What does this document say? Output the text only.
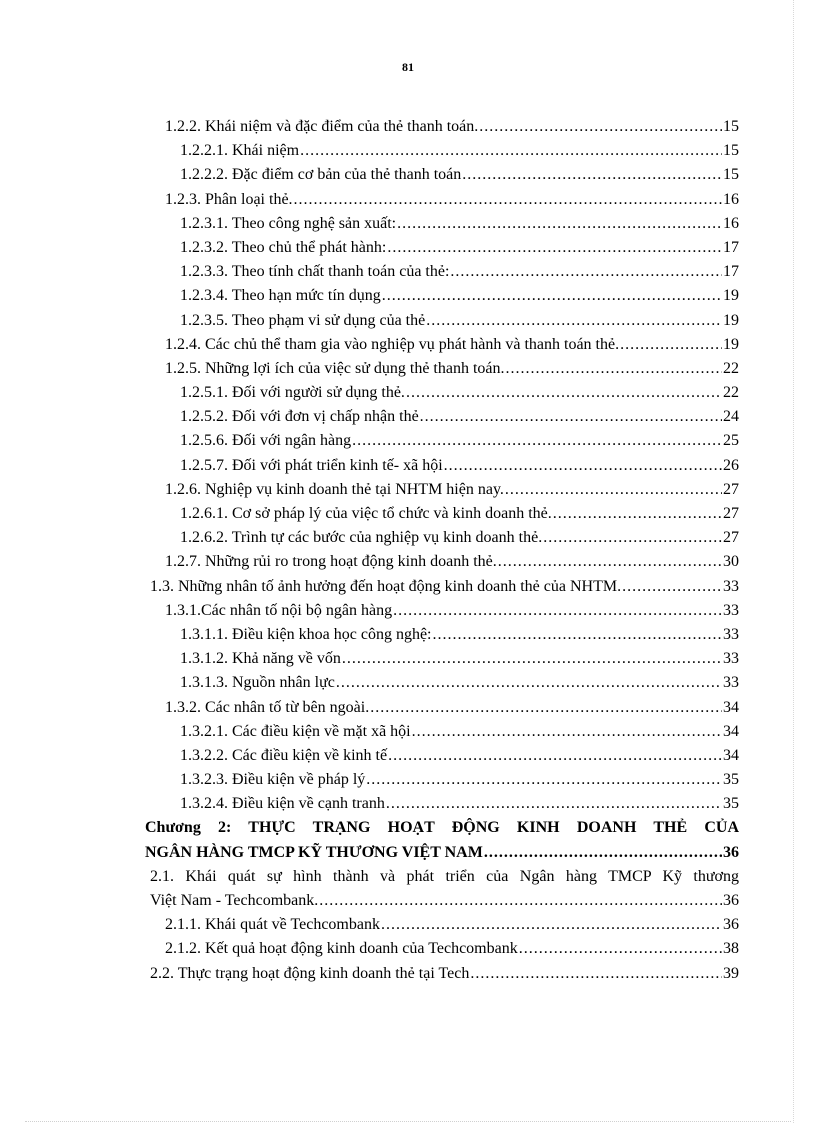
81
1.2.2. Khái niệm và đặc điểm của thẻ thanh toán. .....	15
1.2.2.1. Khái niệm .....	15
1.2.2.2. Đặc điểm cơ bản của thẻ thanh toán .....	15
1.2.3. Phân loại thẻ. .....	16
1.2.3.1. Theo công nghệ sản xuất: .....	16
1.2.3.2. Theo chủ thể phát hành: .....	17
1.2.3.3. Theo tính chất thanh toán của thẻ: .....	17
1.2.3.4. Theo hạn mức tín dụng .....	19
1.2.3.5. Theo phạm vi sử dụng của thẻ .....	19
1.2.4. Các chủ thể tham gia vào nghiệp vụ phát hành và thanh toán thẻ. .....	19
1.2.5. Những lợi ích của việc sử dụng thẻ thanh toán. .....	22
1.2.5.1. Đối với người sử dụng thẻ. .....	22
1.2.5.2. Đối với đơn vị chấp nhận thẻ .....	24
1.2.5.6. Đối với ngân hàng .....	25
1.2.5.7. Đối với phát triển kinh tế- xã hội .....	26
1.2.6. Nghiệp vụ kinh doanh thẻ tại NHTM hiện nay. .....	27
1.2.6.1. Cơ sở pháp lý của việc tổ chức và kinh doanh thẻ. .....	27
1.2.6.2. Trình tự các bước của nghiệp vụ kinh doanh thẻ. .....	27
1.2.7. Những rủi ro trong hoạt động kinh doanh thẻ. .....	30
1.3. Những nhân tố ảnh hưởng đến hoạt động kinh doanh thẻ của NHTM. .....	33
1.3.1.Các nhân tố nội bộ ngân hàng .....	33
1.3.1.1. Điều kiện khoa học công nghệ: .....	33
1.3.1.2. Khả năng về vốn .....	33
1.3.1.3. Nguồn nhân lực .....	33
1.3.2. Các nhân tố từ bên ngoài. .....	34
1.3.2.1. Các điều kiện về mặt xã hội .....	34
1.3.2.2. Các điều kiện về kinh tế .....	34
1.3.2.3. Điều kiện về pháp lý .....	35
1.3.2.4. Điều kiện về cạnh tranh .....	35
Chương 2: THỰC TRẠNG HOẠT ĐỘNG KINH DOANH THẺ CỦA
NGÂN HÀNG TMCP KỸ THƯƠNG VIỆT NAM .....	36
2.1. Khái quát sự hình thành và phát triển của Ngân hàng TMCP Kỹ thương
Việt Nam - Techcombank. .....	36
2.1.1. Khái quát về Techcombank .....	36
2.1.2. Kết quả hoạt động kinh doanh của Techcombank .....	38
2.2. Thực trạng hoạt động kinh doanh thẻ tại Tech .....	39
